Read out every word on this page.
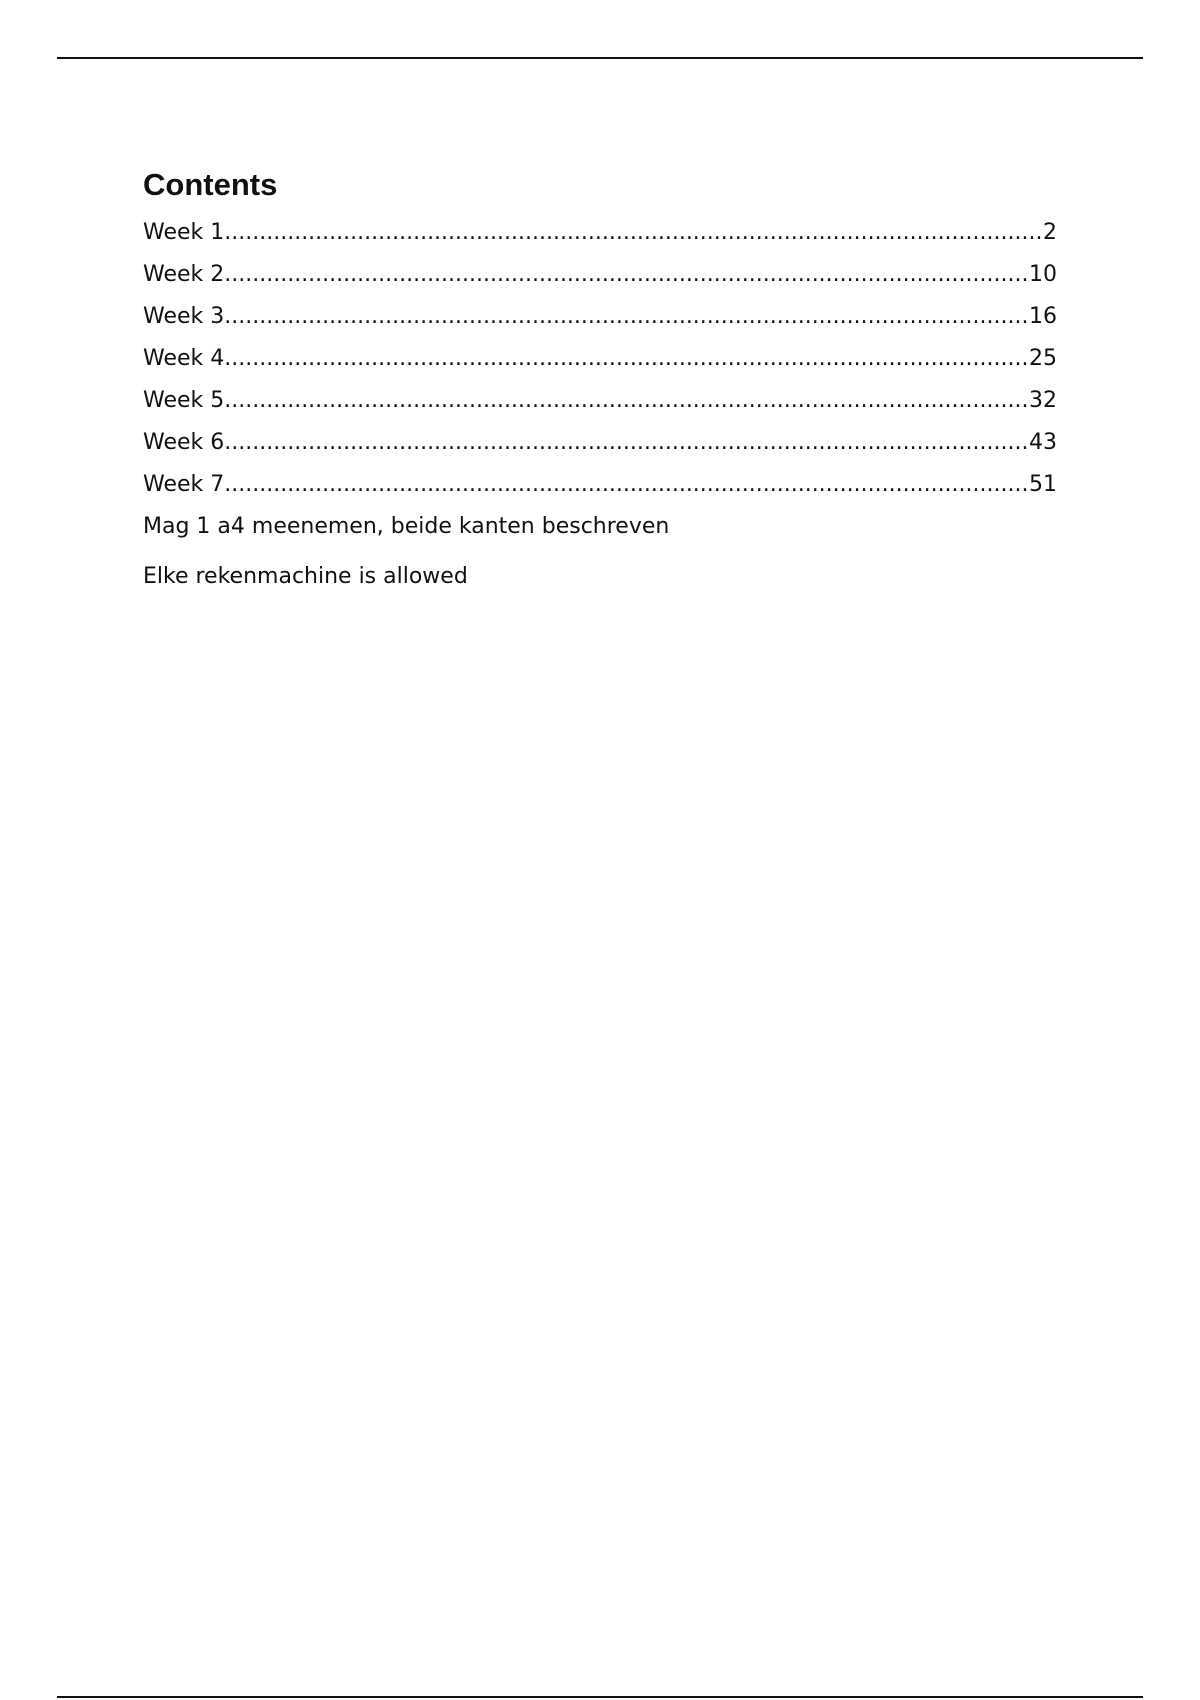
Contents
Week 1 .....	2
Week 2 .....	10
Week 3 .....	16
Week 4 .....	25
Week 5 .....	32
Week 6 .....	43
Week 7 .....	51

Mag 1 a4 meenemen, beide kanten beschreven

Elke rekenmachine is allowed
